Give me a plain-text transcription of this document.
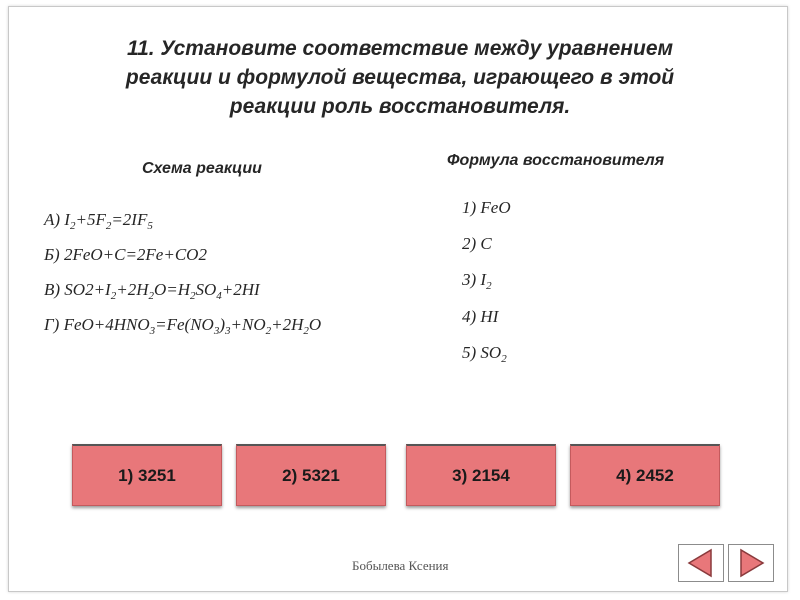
11. Установите соответствие между уравнением
реакции и формулой вещества, играющего в этой
реакции роль восстановителя.
Схема реакции	Формула восстановителя
А) $I_2+5F_2=2IF_5$
Б) 2FeO+C=2Fe+CO2
В) $SO2+I_2+2H_2O=H_2SO_4+2HI$
Г) $FeO+4HNO_3=Fe(NO_3)_3+NO_2+2H_2O$
1) FeO
2) C
3) $I_2$
4) HI
5) $SO_2$
1) 3251	2) 5321	3) 2154	4) 2452
Бобылева Ксения
